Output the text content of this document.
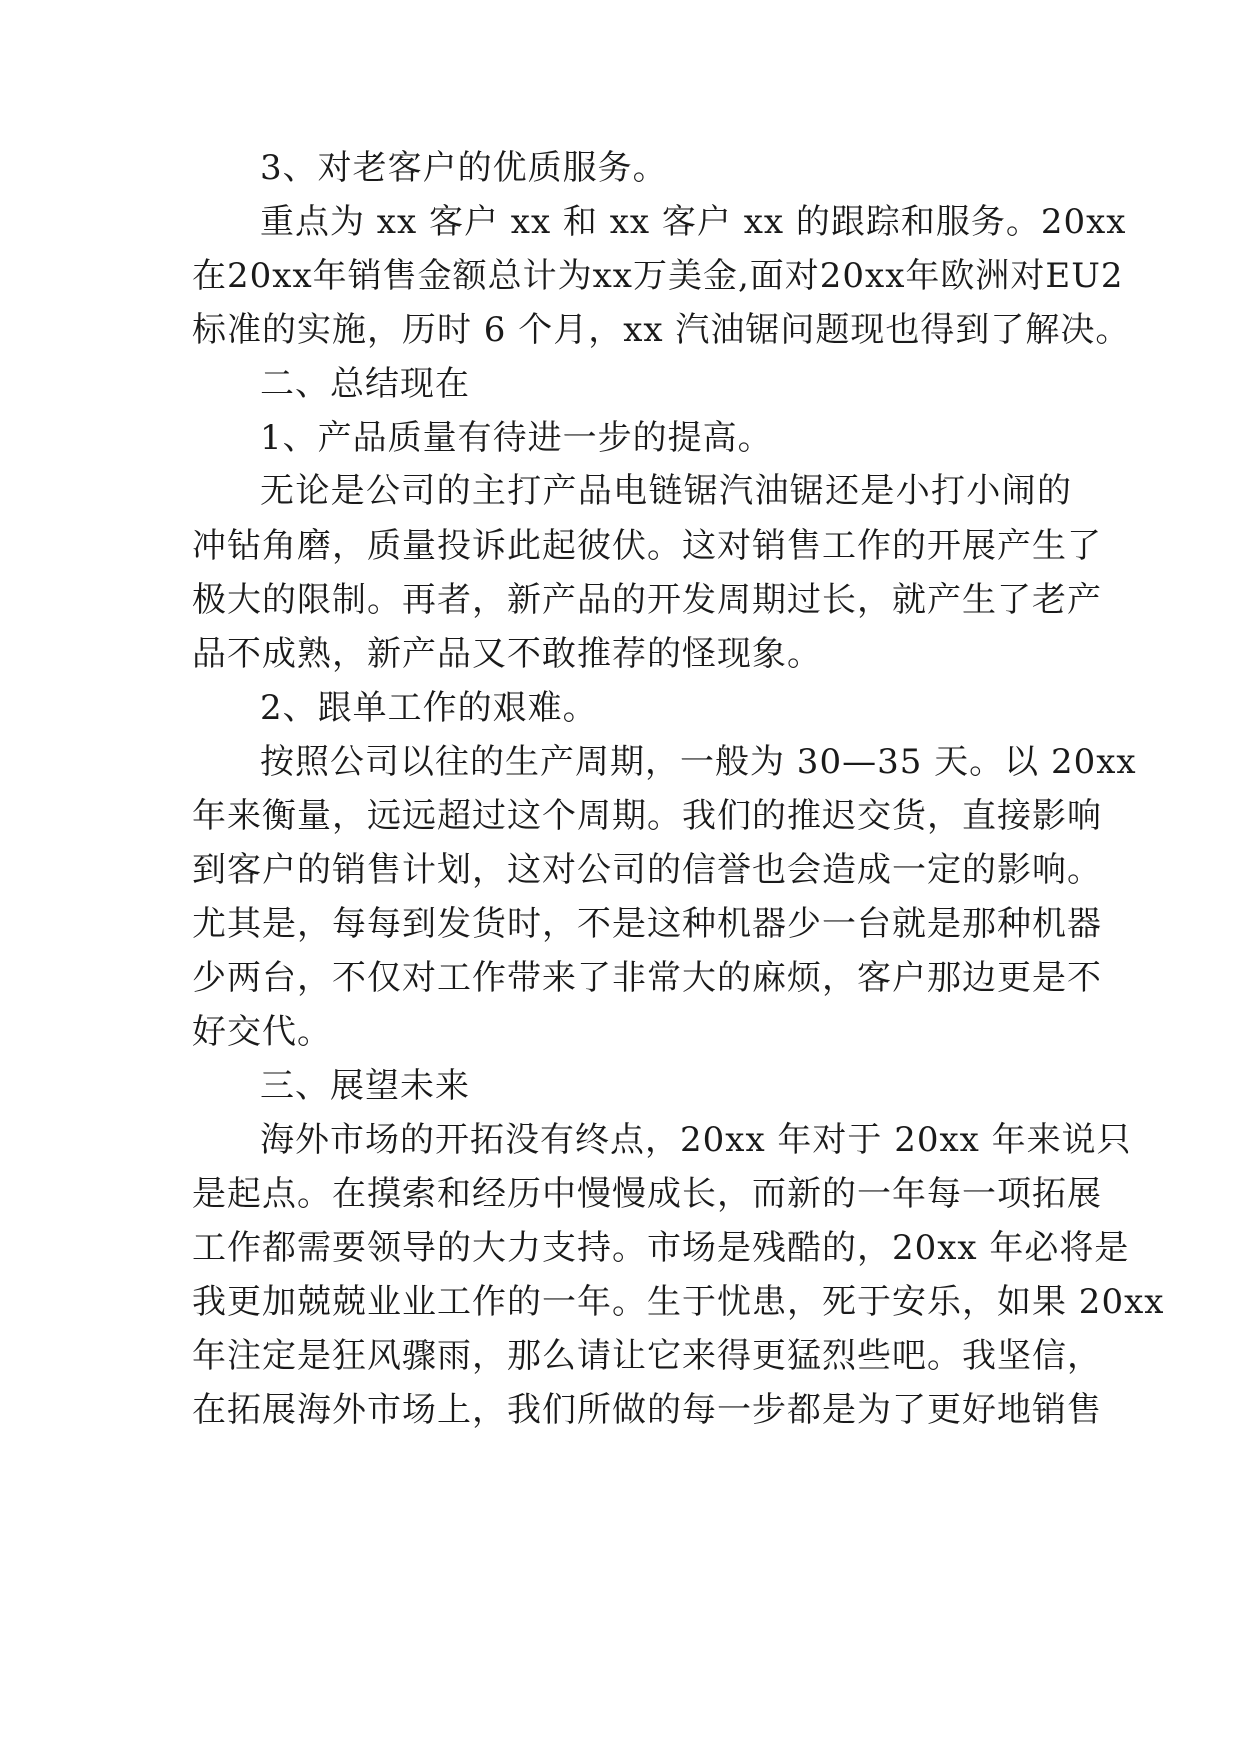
3、对老客户的优质服务。
重点为 xx 客户 xx 和 xx 客户 xx 的跟踪和服务。20xx
在20xx年销售金额总计为xx万美金,面对20xx年欧洲对EU2
标准的实施，历时 6 个月，xx 汽油锯问题现也得到了解决。
二、总结现在
1、产品质量有待进一步的提高。
无论是公司的主打产品电链锯汽油锯还是小打小闹的
冲钻角磨，质量投诉此起彼伏。这对销售工作的开展产生了
极大的限制。再者，新产品的开发周期过长，就产生了老产
品不成熟，新产品又不敢推荐的怪现象。
2、跟单工作的艰难。
按照公司以往的生产周期，一般为 30—35 天。以 20xx
年来衡量，远远超过这个周期。我们的推迟交货，直接影响
到客户的销售计划，这对公司的信誉也会造成一定的影响。
尤其是，每每到发货时，不是这种机器少一台就是那种机器
少两台，不仅对工作带来了非常大的麻烦，客户那边更是不
好交代。
三、展望未来
海外市场的开拓没有终点，20xx 年对于 20xx 年来说只
是起点。在摸索和经历中慢慢成长，而新的一年每一项拓展
工作都需要领导的大力支持。市场是残酷的，20xx 年必将是
我更加兢兢业业工作的一年。生于忧患，死于安乐，如果 20xx
年注定是狂风骤雨，那么请让它来得更猛烈些吧。我坚信，
在拓展海外市场上，我们所做的每一步都是为了更好地销售
